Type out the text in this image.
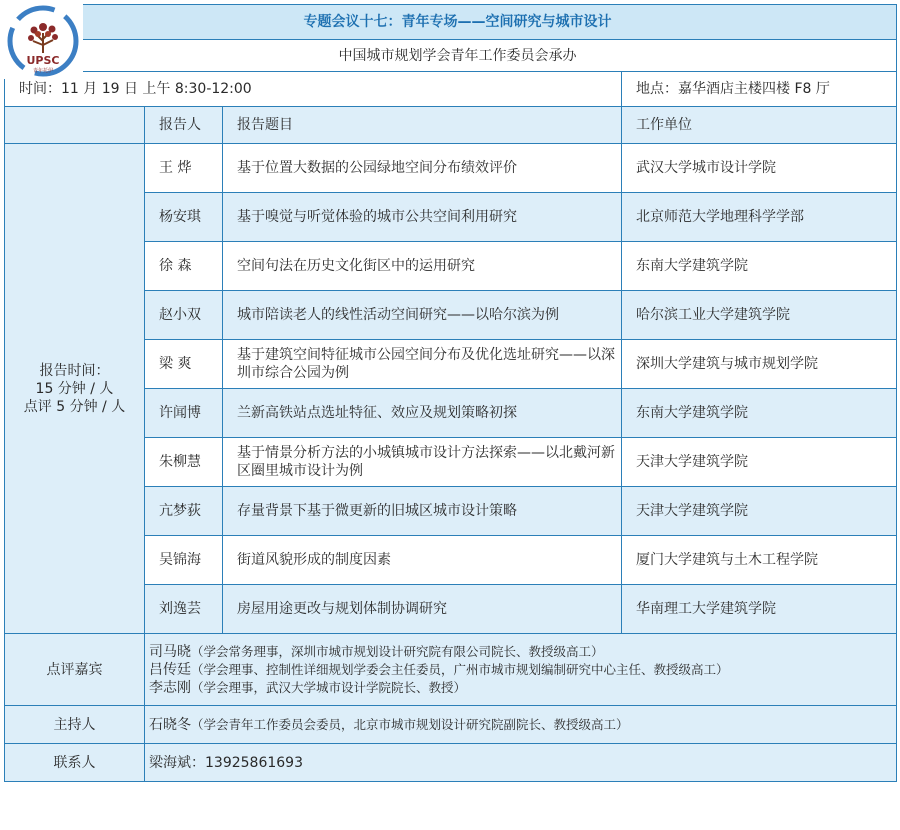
专题会议十七：青年专场——空间研究与城市设计			
中国城市规划学会青年工作委员会承办			
时间：11 月 19 日 上午 8:30-12:00			地点：嘉华酒店主楼四楼 F8 厅
	报告人	报告题目	工作单位

报告时间：
15 分钟 / 人
点评 5 分钟 / 人	王 烨	基于位置大数据的公园绿地空间分布绩效评价	武汉大学城市设计学院
	杨安琪	基于嗅觉与听觉体验的城市公共空间利用研究	北京师范大学地理科学学部
	徐 森	空间句法在历史文化街区中的运用研究	东南大学建筑学院
	赵小双	城市陪读老人的线性活动空间研究——以哈尔滨为例	哈尔滨工业大学建筑学院
	梁 爽	基于建筑空间特征城市公园空间分布及优化选址研究——以深圳市综合公园为例	深圳大学建筑与城市规划学院
	许闻博	兰新高铁站点选址特征、效应及规划策略初探	东南大学建筑学院
	朱柳慧	基于情景分析方法的小城镇城市设计方法探索——以北戴河新区圈里城市设计为例	天津大学建筑学院
	亢梦荻	存量背景下基于微更新的旧城区城市设计策略	天津大学建筑学院
	吴锦海	街道风貌形成的制度因素	厦门大学建筑与土木工程学院
	刘逸芸	房屋用途更改与规划体制协调研究	华南理工大学建筑学院
点评嘉宾	司马晓（学会常务理事，深圳市城市规划设计研究院有限公司院长、教授级高工）
吕传廷（学会理事、控制性详细规划学委会主任委员，广州市城市规划编制研究中心主任、教授级高工）
李志刚（学会理事，武汉大学城市设计学院院长、教授）		

主持人	石晓冬（学会青年工作委员会委员，北京市城市规划设计研究院副院长、教授级高工）		
联系人	梁海斌：13925861693		
UPSC
青年托伊
